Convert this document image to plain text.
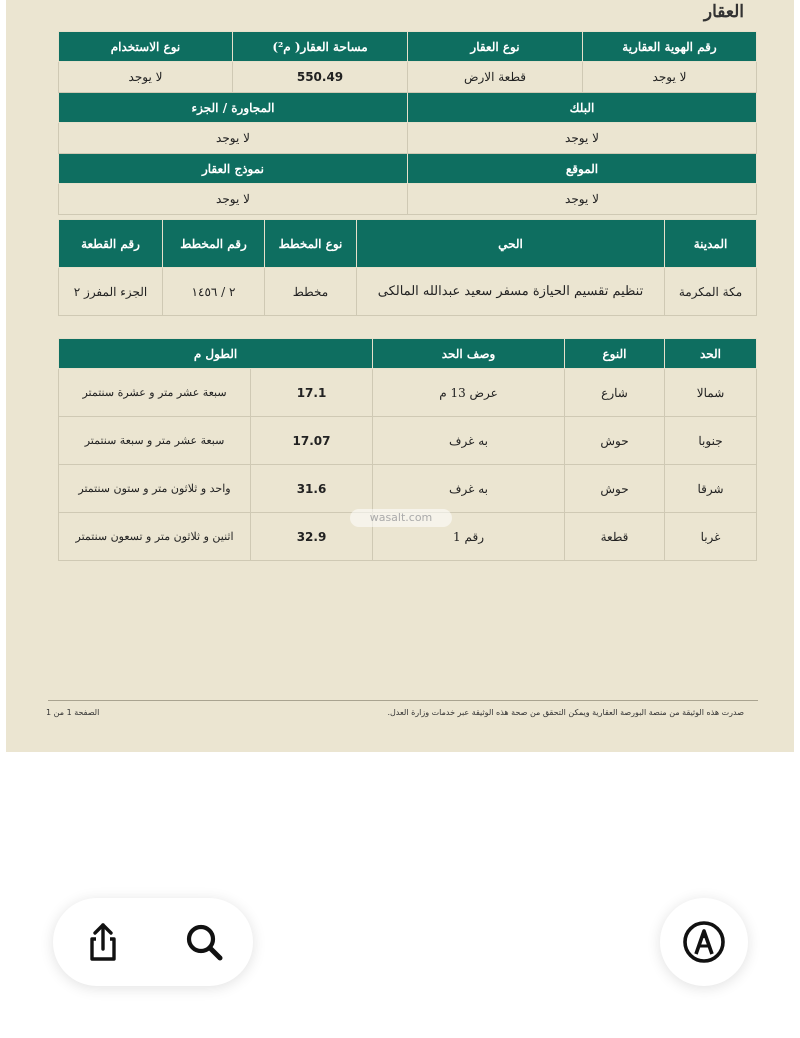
العقار
رقم الهوية العقارية	نوع العقار	مساحة العقار( م²)	نوع الاستخدام
لا يوجد	قطعة الارض	550.49	لا يوجد
البلك		المجاورة / الجزء	
لا يوجد		لا يوجد	
الموقع		نموذج العقار	
لا يوجد		لا يوجد	
المدينة	الحي	نوع المخطط	رقم المخطط	رقم القطعة
مكة المكرمة	تنظيم تقسيم الحيازة مسفر سعيد عبدالله المالكى	مخطط	٢ / ١٤٥٦	الجزء المفرز ٢
الحد	النوع	وصف الحد	الطول م	
شمالا	شارع	عرض 13 م	17.1	سبعة عشر متر و عشرة سنتمتر
جنوبا	حوش	به غرف	17.07	سبعة عشر متر و سبعة سنتمتر
شرقا	حوش	به غرف	31.6	واحد و ثلاثون متر و ستون سنتمتر
غربا	قطعة	رقم 1	32.9	اثنين و ثلاثون متر و تسعون سنتمتر
wasalt.com
صدرت هذه الوثيقة من منصة البورصة العقارية ويمكن التحقق من صحة هذه الوثيقة عبر خدمات وزارة العدل.
الصفحة 1 من 1
